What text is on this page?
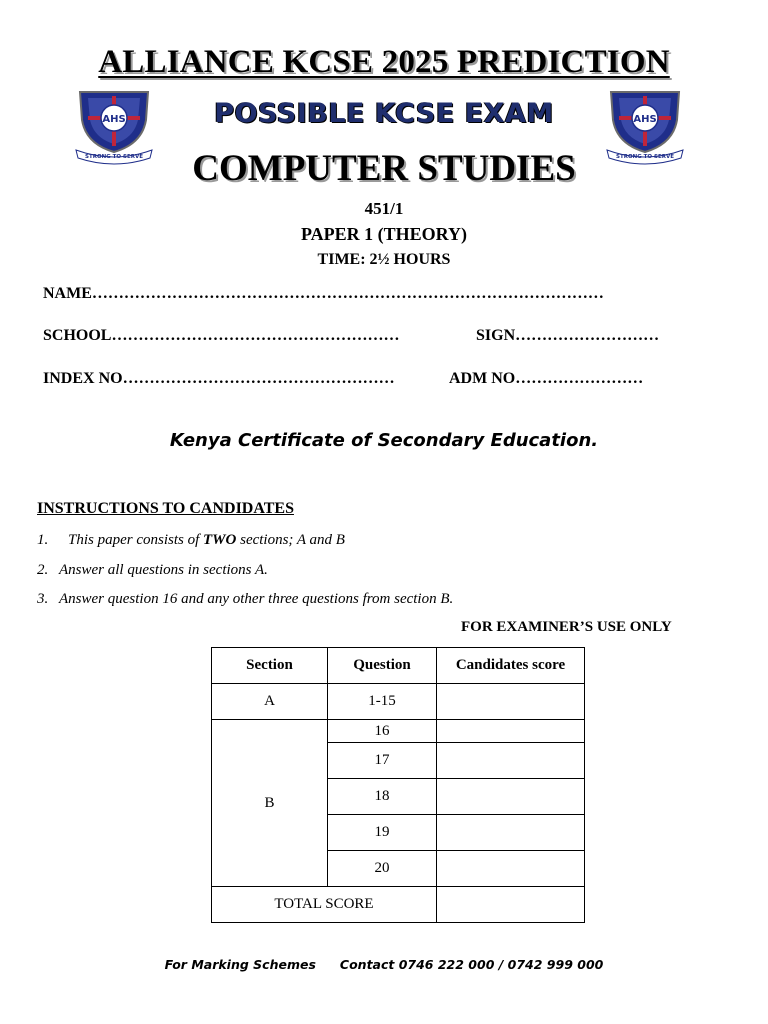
AHS
STRONG TO SERVE
AHS
STRONG TO SERVE
ALLIANCE KCSE 2025 PREDICTION
POSSIBLE KCSE EXAM
COMPUTER STUDIES
451/1
PAPER 1 (THEORY)
TIME: 2½ HOURS
NAME……………………………………………………………………………………
SCHOOL………………………………………………	SIGN………………………
INDEX NO……………………………………………	ADM NO……………………
Kenya Certificate of Secondary Education.
INSTRUCTIONS TO CANDIDATES
1. This paper consists of TWO sections; A and B
2. Answer all questions in sections A.
3. Answer question 16 and any other three questions from section B.
FOR EXAMINER’S USE ONLY
Section	Question	Candidates score
A	1-15	
B	16	
	17	
	18	
	19	
	20	
TOTAL SCORE		
For Marking Schemes Contact 0746 222 000 / 0742 999 000
